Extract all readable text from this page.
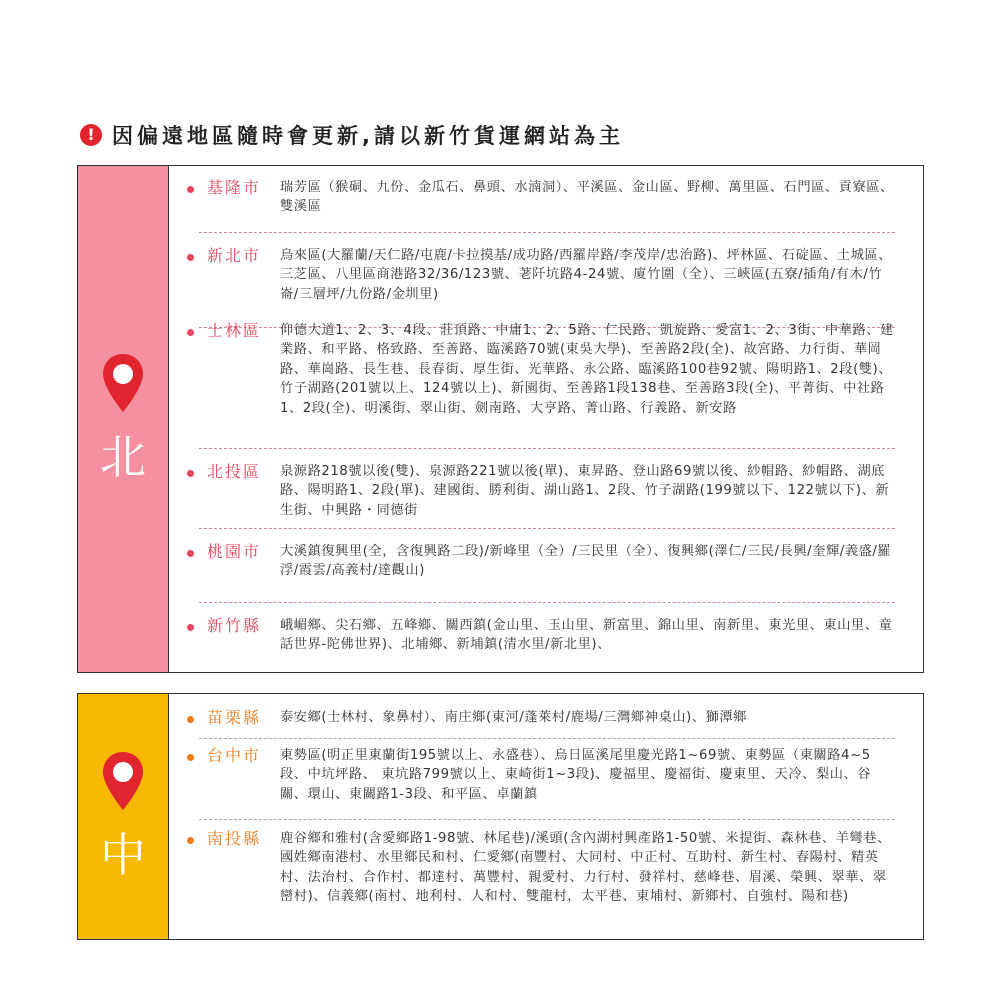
! 因偏遠地區隨時會更新,請以新竹貨運網站為主
北
基隆市 瑞芳區（猴硐、九份、金瓜石、鼻頭、水湳洞）、平溪區、金山區、野柳、萬里區、石門區、貢寮區、雙溪區
新北市 烏來區(大羅蘭/天仁路/屯鹿/卡拉摸基/成功路/西羅岸路/李茂岸/忠治路)、坪林區、石碇區、土城區、三芝區、八里區商港路32/36/123號、荖阡坑路4-24號、廈竹圍（全）、三峽區(五寮/插角/有木/竹崙/三層坪/九份路/金圳里)
士林區 仰德大道1、2、3、4段、莊頂路、中庸1、2、5路、仁民路、凱旋路、愛富1、2、3街、中華路、建業路、和平路、格致路、至善路、臨溪路70號(東吳大學)、至善路2段(全)、故宮路、力行街、華岡路、華崗路、長生巷、長春街、厚生街、光華路、永公路、臨溪路100巷92號、陽明路1、2段(雙)、竹子湖路(201號以上、124號以上)、新園街、至善路1段138巷、至善路3段(全)、平菁街、中社路1、2段(全)、明溪街、翠山街、劍南路、大亨路、菁山路、行義路、新安路
北投區 泉源路218號以後(雙)、泉源路221號以後(單)、東昇路、登山路69號以後、紗帽路、紗帽路、湖底路、陽明路1、2段(單)、建國街、勝利街、湖山路1、2段、竹子湖路(199號以下、122號以下)、新生街、中興路・同德街
桃園市 大溪鎮復興里(全，含復興路二段)/新峰里（全）/三民里（全）、復興鄉(澤仁/三民/長興/奎輝/義盛/羅浮/霞雲/高義村/達觀山)
新竹縣 峨嵋鄉、尖石鄉、五峰鄉、關西鎮(金山里、玉山里、新富里、錦山里、南新里、東光里、東山里、童話世界-陀佛世界)、北埔鄉、新埔鎮(清水里/新北里)、
中
苗栗縣 泰安鄉(士林村、象鼻村）、南庄鄉(東河/蓬萊村/鹿場/三灣鄉神桌山)、獅潭鄉
台中市 東勢區(明正里東蘭街195號以上、永盛巷）、烏日區溪尾里慶光路1~69號、東勢區（東關路4~5段、中坑坪路、 東坑路799號以上、東崎街1~3段)、慶福里、慶福街、慶東里、天冷、梨山、谷關、環山、東關路1-3段、和平區、卓蘭鎮
南投縣 鹿谷鄉和雅村(含愛鄉路1-98號、林尾巷)/溪頭(含內湖村興產路1-50號、米提街、森林巷、羊彎巷、國姓鄉南港村、水里鄉民和村、仁愛鄉(南豐村、大同村、中正村、互助村、新生村、春陽村、精英村、法治村、合作村、都達村、萬豐村、親愛村、力行村、發祥村、慈峰巷、眉溪、榮興、翠華、翠巒村)、信義鄉(南村、地利村、人和村、雙龍村，太平巷、東埔村、新鄉村、自強村、陽和巷)
